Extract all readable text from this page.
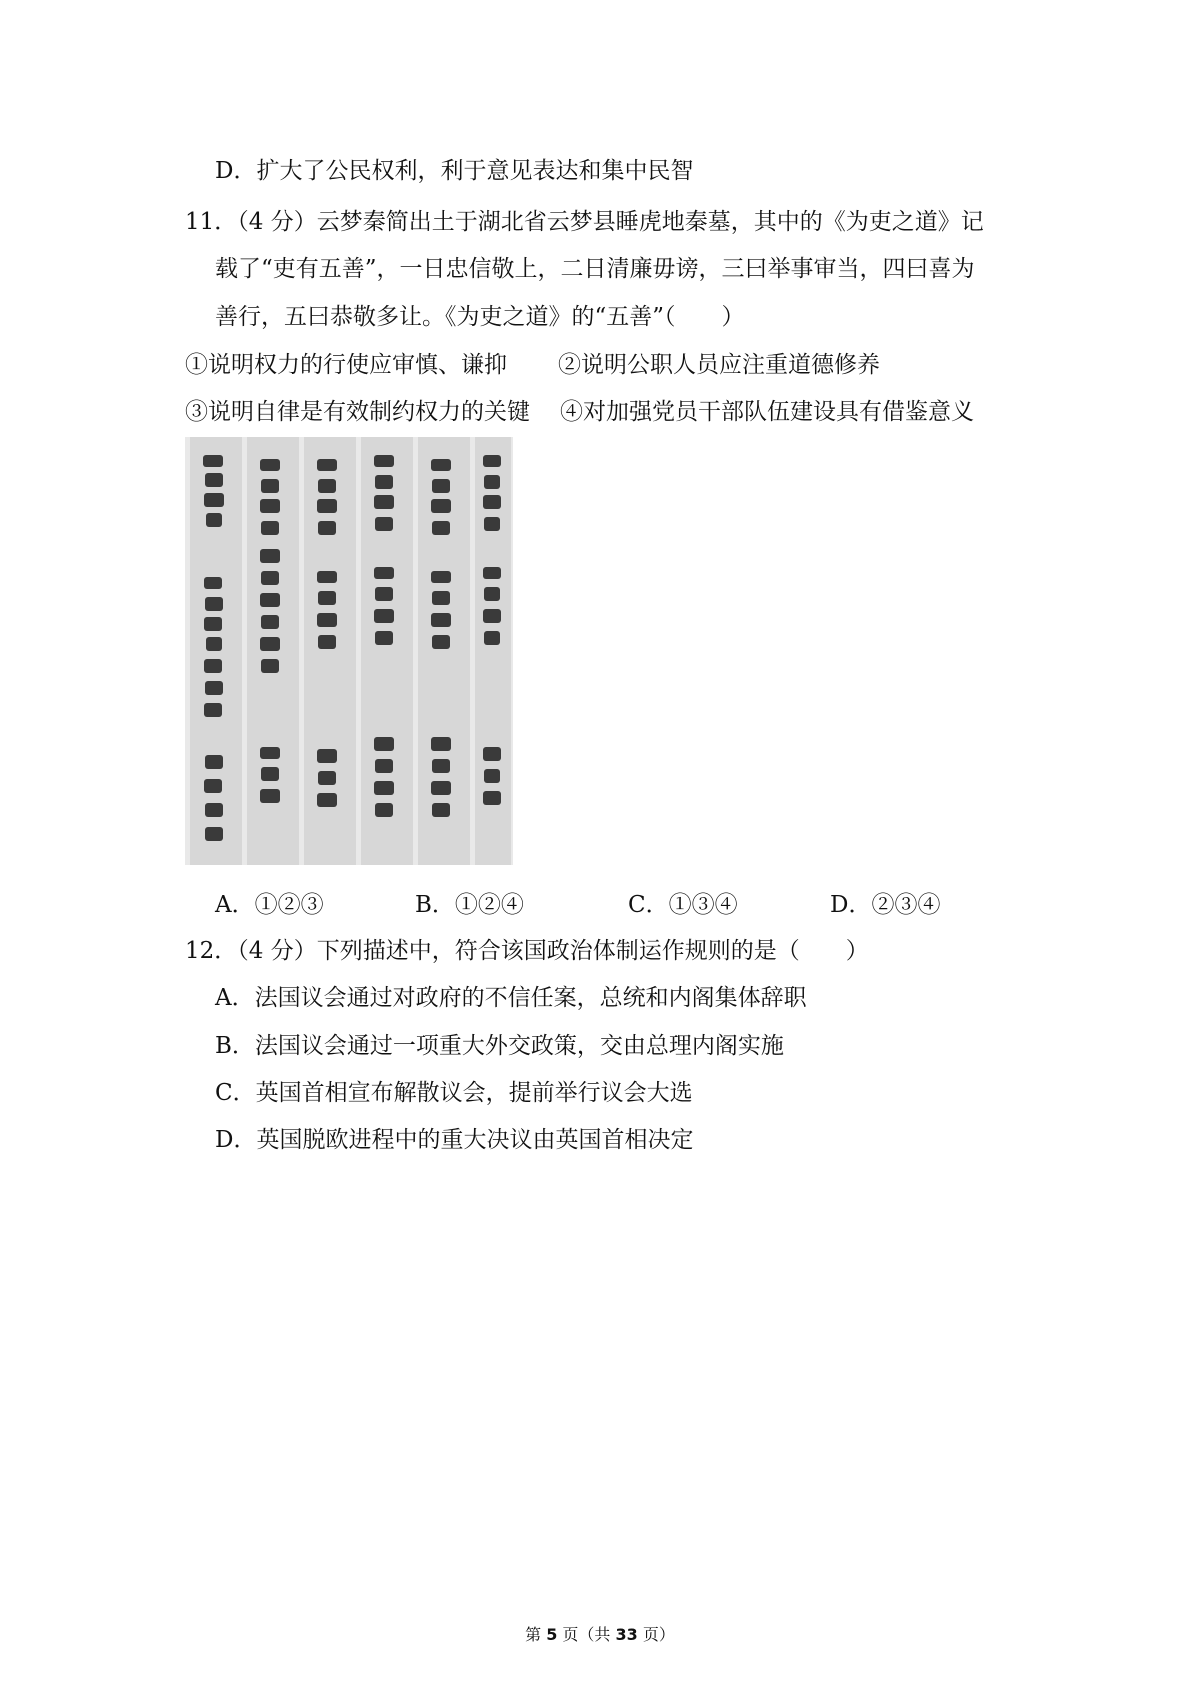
D．扩大了公民权利，利于意见表达和集中民智
11．（4 分）云梦秦简出土于湖北省云梦县睡虎地秦墓，其中的《为吏之道》记
载了“吏有五善”，一日忠信敬上，二日清廉毋谤，三曰举事审当，四曰喜为
善行，五曰恭敬多让。《为吏之道》的“五善”（　　）
①说明权力的行使应审慎、谦抑 ②说明公职人员应注重道德修养
③说明自律是有效制约权力的关键 ④对加强党员干部队伍建设具有借鉴意义
A．①②③	B．①②④	C．①③④	D．②③④
12．（4 分）下列描述中，符合该国政治体制运作规则的是（　　）
A．法国议会通过对政府的不信任案，总统和内阁集体辞职
B．法国议会通过一项重大外交政策，交由总理内阁实施
C．英国首相宣布解散议会，提前举行议会大选
D．英国脱欧进程中的重大决议由英国首相决定
第 5 页（共 33 页）
